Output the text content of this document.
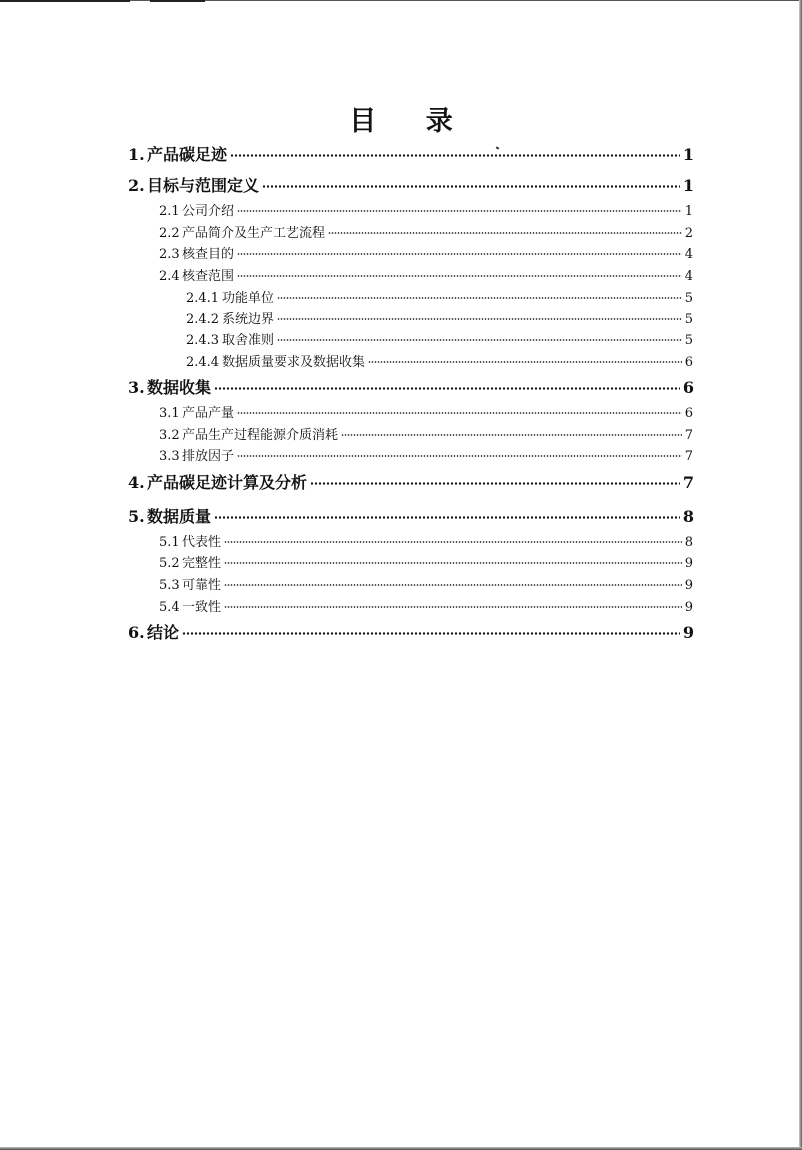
目 录
1. 产品碳足迹	1
2. 目标与范围定义	1
2.1 公司介绍	1
2.2 产品简介及生产工艺流程	2
2.3 核查目的	4
2.4 核查范围	4
2.4.1 功能单位	5
2.4.2 系统边界	5
2.4.3 取舍准则	5
2.4.4 数据质量要求及数据收集	6
3. 数据收集	6
3.1 产品产量	6
3.2 产品生产过程能源介质消耗	7
3.3 排放因子	7
4. 产品碳足迹计算及分析	7
5. 数据质量	8
5.1 代表性	8
5.2 完整性	9
5.3 可靠性	9
5.4 一致性	9
6. 结论	9
